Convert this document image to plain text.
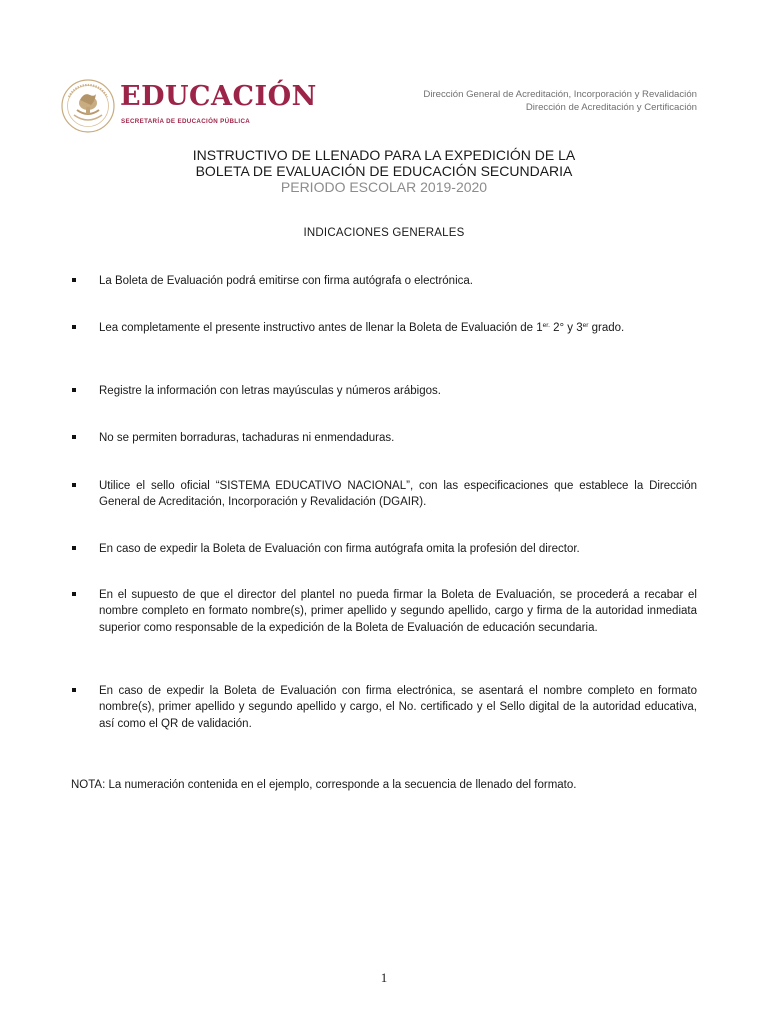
EDUCACIÓN
SECRETARÍA DE EDUCACIÓN PÚBLICA
Dirección General de Acreditación, Incorporación y Revalidación
Dirección de Acreditación y Certificación
INSTRUCTIVO DE LLENADO PARA LA EXPEDICIÓN DE LA
BOLETA DE EVALUACIÓN DE EDUCACIÓN SECUNDARIA
PERIODO ESCOLAR 2019-2020
INDICACIONES GENERALES
La Boleta de Evaluación podrá emitirse con firma autógrafa o electrónica.
Lea completamente el presente instructivo antes de llenar la Boleta de Evaluación de $1^{er.}$ 2° y 3er grado.
Registre la información con letras mayúsculas y números arábigos.
No se permiten borraduras, tachaduras ni enmendaduras.
Utilice el sello oficial “SISTEMA EDUCATIVO NACIONAL”, con las especificaciones que establece la Dirección General de Acreditación, Incorporación y Revalidación (DGAIR).
En caso de expedir la Boleta de Evaluación con firma autógrafa omita la profesión del director.
En el supuesto de que el director del plantel no pueda firmar la Boleta de Evaluación, se procederá a recabar el nombre completo en formato nombre(s), primer apellido y segundo apellido, cargo y firma de la autoridad inmediata superior como responsable de la expedición de la Boleta de Evaluación de educación secundaria.
En caso de expedir la Boleta de Evaluación con firma electrónica, se asentará el nombre completo en formato nombre(s), primer apellido y segundo apellido y cargo, el No. certificado y el Sello digital de la autoridad educativa, así como el QR de validación.
NOTA: La numeración contenida en el ejemplo, corresponde a la secuencia de llenado del formato.
1
